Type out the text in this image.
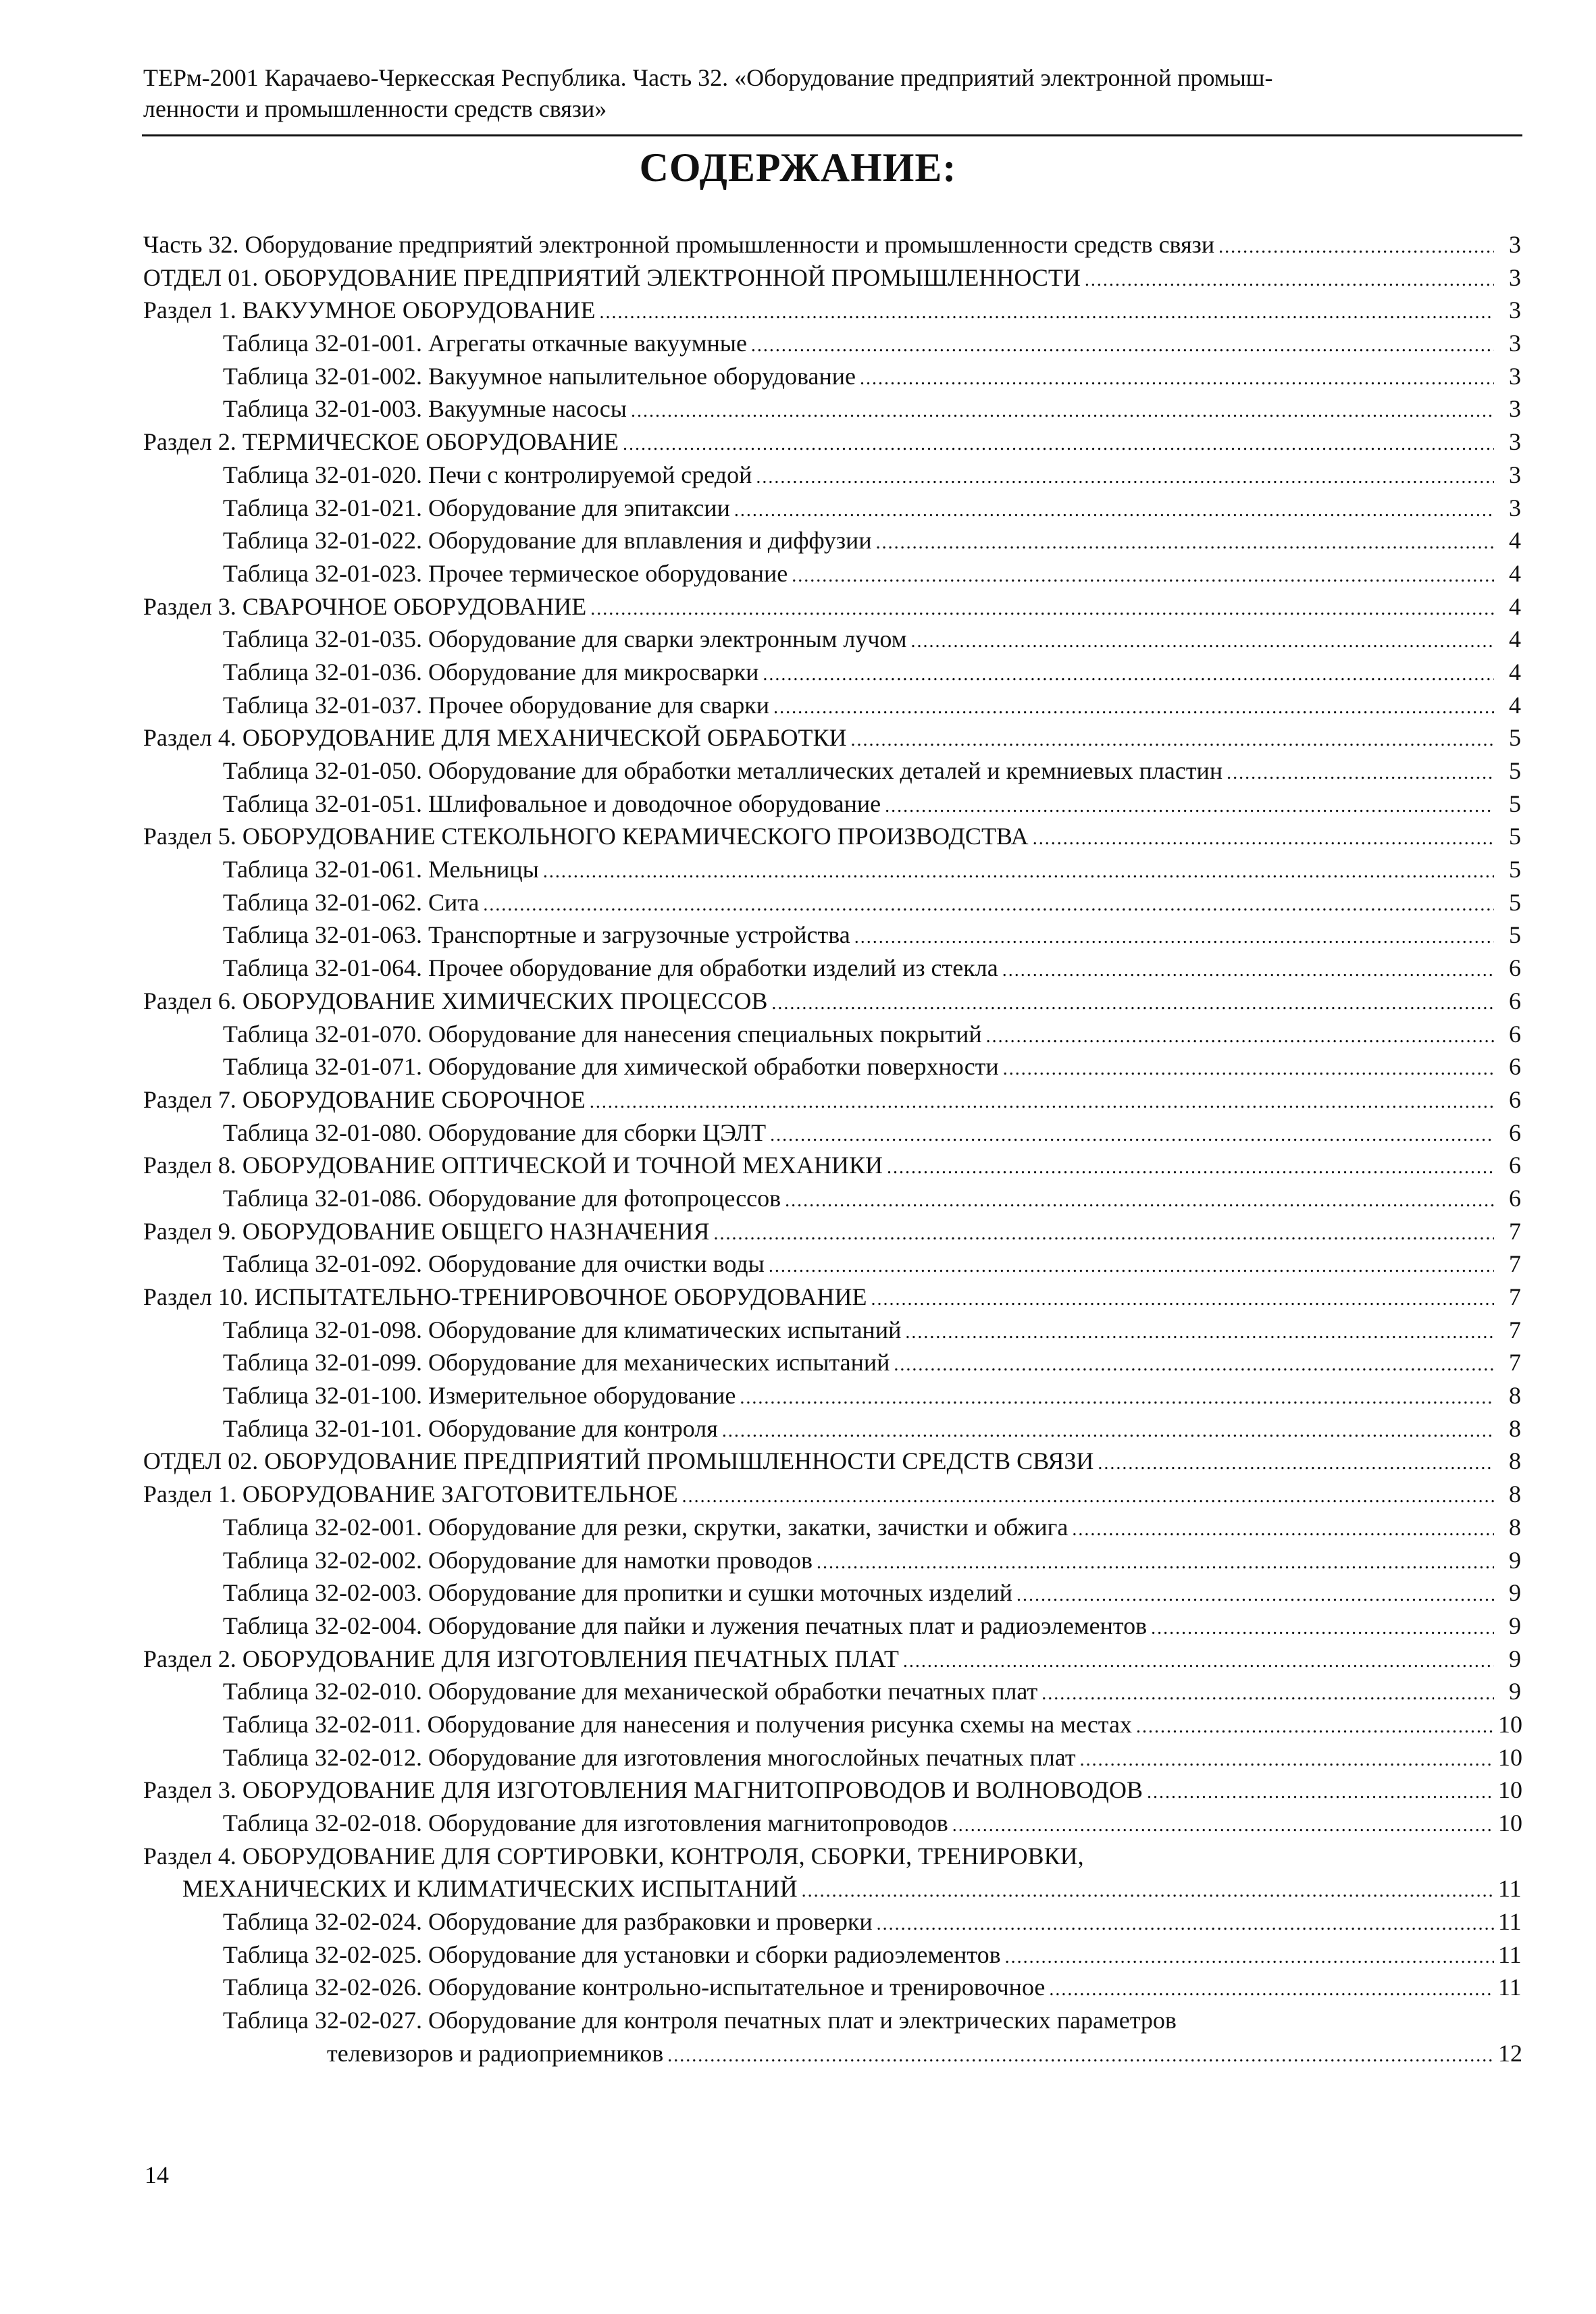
ТЕРм-2001 Карачаево-Черкесская Республика. Часть 32. «Оборудование предприятий электронной промыш-
ленности и промышленности средств связи»
СОДЕРЖАНИЕ:
Часть 32. Оборудование предприятий электронной промышленности и промышленности средств связи .....	3
ОТДЕЛ 01. ОБОРУДОВАНИЕ ПРЕДПРИЯТИЙ ЭЛЕКТРОННОЙ ПРОМЫШЛЕННОСТИ .....	3
Раздел 1. ВАКУУМНОЕ ОБОРУДОВАНИЕ .....	3
Таблица 32-01-001. Агрегаты откачные вакуумные .....	3
Таблица 32-01-002. Вакуумное напылительное оборудование .....	3
Таблица 32-01-003. Вакуумные насосы .....	3
Раздел 2. ТЕРМИЧЕСКОЕ ОБОРУДОВАНИЕ .....	3
Таблица 32-01-020. Печи с контролируемой средой .....	3
Таблица 32-01-021. Оборудование для эпитаксии .....	3
Таблица 32-01-022. Оборудование для вплавления и диффузии .....	4
Таблица 32-01-023. Прочее термическое оборудование .....	4
Раздел 3. СВАРОЧНОЕ ОБОРУДОВАНИЕ .....	4
Таблица 32-01-035. Оборудование для сварки электронным лучом .....	4
Таблица 32-01-036. Оборудование для микросварки .....	4
Таблица 32-01-037. Прочее оборудование для сварки .....	4
Раздел 4. ОБОРУДОВАНИЕ ДЛЯ МЕХАНИЧЕСКОЙ ОБРАБОТКИ .....	5
Таблица 32-01-050. Оборудование для обработки металлических деталей и кремниевых пластин .....	5
Таблица 32-01-051. Шлифовальное и доводочное оборудование .....	5
Раздел 5. ОБОРУДОВАНИЕ СТЕКОЛЬНОГО КЕРАМИЧЕСКОГО ПРОИЗВОДСТВА .....	5
Таблица 32-01-061. Мельницы .....	5
Таблица 32-01-062. Сита .....	5
Таблица 32-01-063. Транспортные и загрузочные устройства .....	5
Таблица 32-01-064. Прочее оборудование для обработки изделий из стекла .....	6
Раздел 6. ОБОРУДОВАНИЕ ХИМИЧЕСКИХ ПРОЦЕССОВ .....	6
Таблица 32-01-070. Оборудование для нанесения специальных покрытий .....	6
Таблица 32-01-071. Оборудование для химической обработки поверхности .....	6
Раздел 7. ОБОРУДОВАНИЕ СБОРОЧНОЕ .....	6
Таблица 32-01-080. Оборудование для сборки ЦЭЛТ .....	6
Раздел 8. ОБОРУДОВАНИЕ ОПТИЧЕСКОЙ И ТОЧНОЙ МЕХАНИКИ .....	6
Таблица 32-01-086. Оборудование для фотопроцессов .....	6
Раздел 9. ОБОРУДОВАНИЕ ОБЩЕГО НАЗНАЧЕНИЯ .....	7
Таблица 32-01-092. Оборудование для очистки воды .....	7
Раздел 10. ИСПЫТАТЕЛЬНО-ТРЕНИРОВОЧНОЕ ОБОРУДОВАНИЕ .....	7
Таблица 32-01-098. Оборудование для климатических испытаний .....	7
Таблица 32-01-099. Оборудование для механических испытаний .....	7
Таблица 32-01-100. Измерительное оборудование .....	8
Таблица 32-01-101. Оборудование для контроля .....	8
ОТДЕЛ 02. ОБОРУДОВАНИЕ ПРЕДПРИЯТИЙ ПРОМЫШЛЕННОСТИ СРЕДСТВ СВЯЗИ .....	8
Раздел 1. ОБОРУДОВАНИЕ ЗАГОТОВИТЕЛЬНОЕ .....	8
Таблица 32-02-001. Оборудование для резки, скрутки, закатки, зачистки и обжига .....	8
Таблица 32-02-002. Оборудование для намотки проводов .....	9
Таблица 32-02-003. Оборудование для пропитки и сушки моточных изделий .....	9
Таблица 32-02-004. Оборудование для пайки и лужения печатных плат и радиоэлементов .....	9
Раздел 2. ОБОРУДОВАНИЕ ДЛЯ ИЗГОТОВЛЕНИЯ ПЕЧАТНЫХ ПЛАТ .....	9
Таблица 32-02-010. Оборудование для механической обработки печатных плат .....	9
Таблица 32-02-011. Оборудование для нанесения и получения рисунка схемы на местах .....	10
Таблица 32-02-012. Оборудование для изготовления многослойных печатных плат .....	10
Раздел 3. ОБОРУДОВАНИЕ ДЛЯ ИЗГОТОВЛЕНИЯ МАГНИТОПРОВОДОВ И ВОЛНОВОДОВ .....	10
Таблица 32-02-018. Оборудование для изготовления магнитопроводов .....	10
Раздел 4. ОБОРУДОВАНИЕ ДЛЯ СОРТИРОВКИ, КОНТРОЛЯ, СБОРКИ, ТРЕНИРОВКИ,
МЕХАНИЧЕСКИХ И КЛИМАТИЧЕСКИХ ИСПЫТАНИЙ .....	11
Таблица 32-02-024. Оборудование для разбраковки и проверки .....	11
Таблица 32-02-025. Оборудование для установки и сборки радиоэлементов .....	11
Таблица 32-02-026. Оборудование контрольно-испытательное и тренировочное .....	11
Таблица 32-02-027. Оборудование для контроля печатных плат и электрических параметров
телевизоров и радиоприемников .....	12
14
